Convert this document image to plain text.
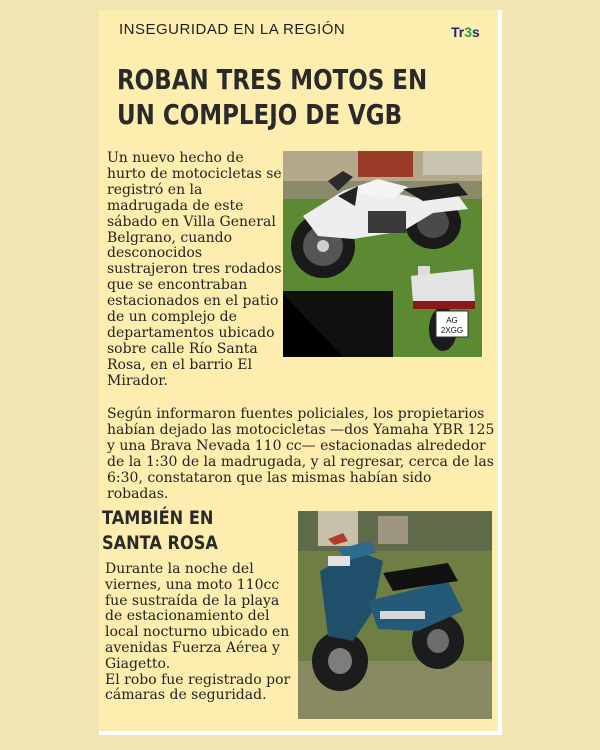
INSEGURIDAD EN LA REGIÓN	Tr3s
ROBAN TRES MOTOS EN UN COMPLEJO DE VGB
Un nuevo hecho de hurto de motocicletas se registró en la madrugada de este sábado en Villa General Belgrano, cuando desconocidos sustrajeron tres rodados que se encontraban estacionados en el patio de un complejo de departamentos ubicado sobre calle Río Santa Rosa, en el barrio El Mirador.
AG
2XGG
Según informaron fuentes policiales, los propietarios habían dejado las motocicletas —dos Yamaha YBR 125 y una Brava Nevada 110 cc— estacionadas alrededor de la 1:30 de la madrugada, y al regresar, cerca de las 6:30, constataron que las mismas habían sido robadas.
TAMBIÉN EN SANTA ROSA
Durante la noche del viernes, una moto 110cc fue sustraída de la playa de estacionamiento del local nocturno ubicado en avenidas Fuerza Aérea y Giagetto.
El robo fue registrado por cámaras de seguridad.
